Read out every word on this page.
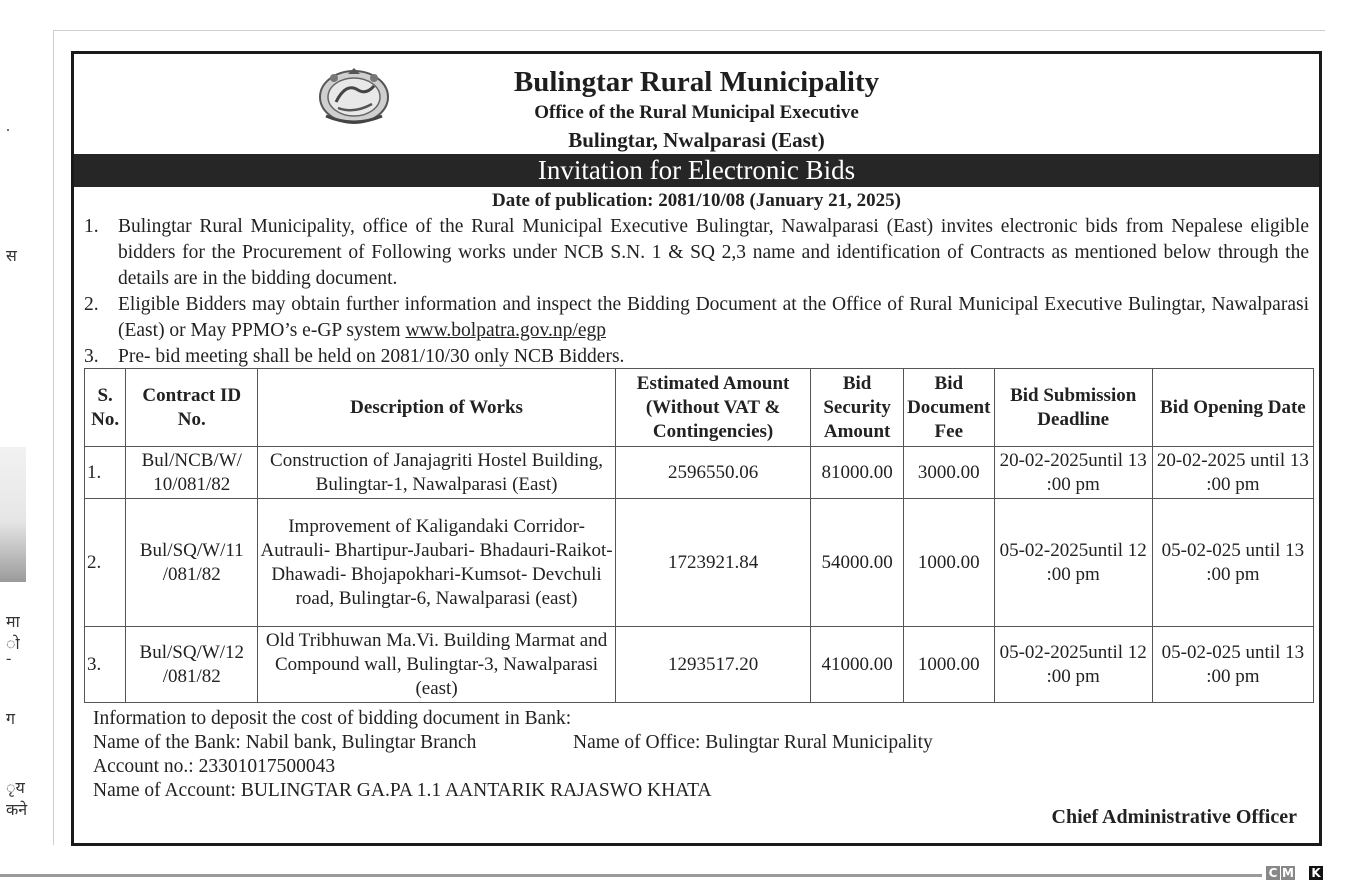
.
स
मा
ो
-
ग
ृय
कने
Bulingtar Rural Municipality
Office of the Rural Municipal Executive
Bulingtar, Nwalparasi (East)
Invitation for Electronic Bids
Date of publication: 2081/10/08 (January 21, 2025)
1. Bulingtar Rural Municipality, office of the Rural Municipal Executive Bulingtar, Nawalparasi (East) invites electronic bids from Nepalese eligible bidders for the Procurement of Following works under NCB S.N. 1 & SQ 2,3 name and identification of Contracts as mentioned below through the details are in the bidding document.
2. Eligible Bidders may obtain further information and inspect the Bidding Document at the Office of Rural Municipal Executive Bulingtar, Nawalparasi (East) or May PPMO’s e-GP system www.bolpatra.gov.np/egp
3. Pre- bid meeting shall be held on 2081/10/30 only NCB Bidders.
S. No.	Contract ID No.	Description of Works	Estimated Amount (Without VAT & Contingencies)	Bid Security Amount	Bid Document Fee	Bid Submission Deadline	Bid Opening Date
1.	Bul/NCB/W/ 10/081/82	Construction of Janajagriti Hostel Building, Bulingtar-1, Nawalparasi (East)	2596550.06	81000.00	3000.00	20-02-2025until 13 :00 pm	20-02-2025 until 13 :00 pm
2.	Bul/SQ/W/11 /081/82	Improvement of Kaligandaki Corridor-Autrauli- Bhartipur-Jaubari- Bhadauri-Raikot-Dhawadi- Bhojapokhari-Kumsot- Devchuli road, Bulingtar-6, Nawalparasi (east)	1723921.84	54000.00	1000.00	05-02-2025until 12 :00 pm	05-02-025 until 13 :00 pm
3.	Bul/SQ/W/12 /081/82	Old Tribhuwan Ma.Vi. Building Marmat and Compound wall, Bulingtar-3, Nawalparasi (east)	1293517.20	41000.00	1000.00	05-02-2025until 12 :00 pm	05-02-025 until 13 :00 pm
Information to deposit the cost of bidding document in Bank:
Name of the Bank: Nabil bank, Bulingtar Branch	Name of Office: Bulingtar Rural Municipality
Account no.: 23301017500043
Name of Account: BULINGTAR GA.PA 1.1 AANTARIK RAJASWO KHATA
Chief Administrative Officer
C M K
